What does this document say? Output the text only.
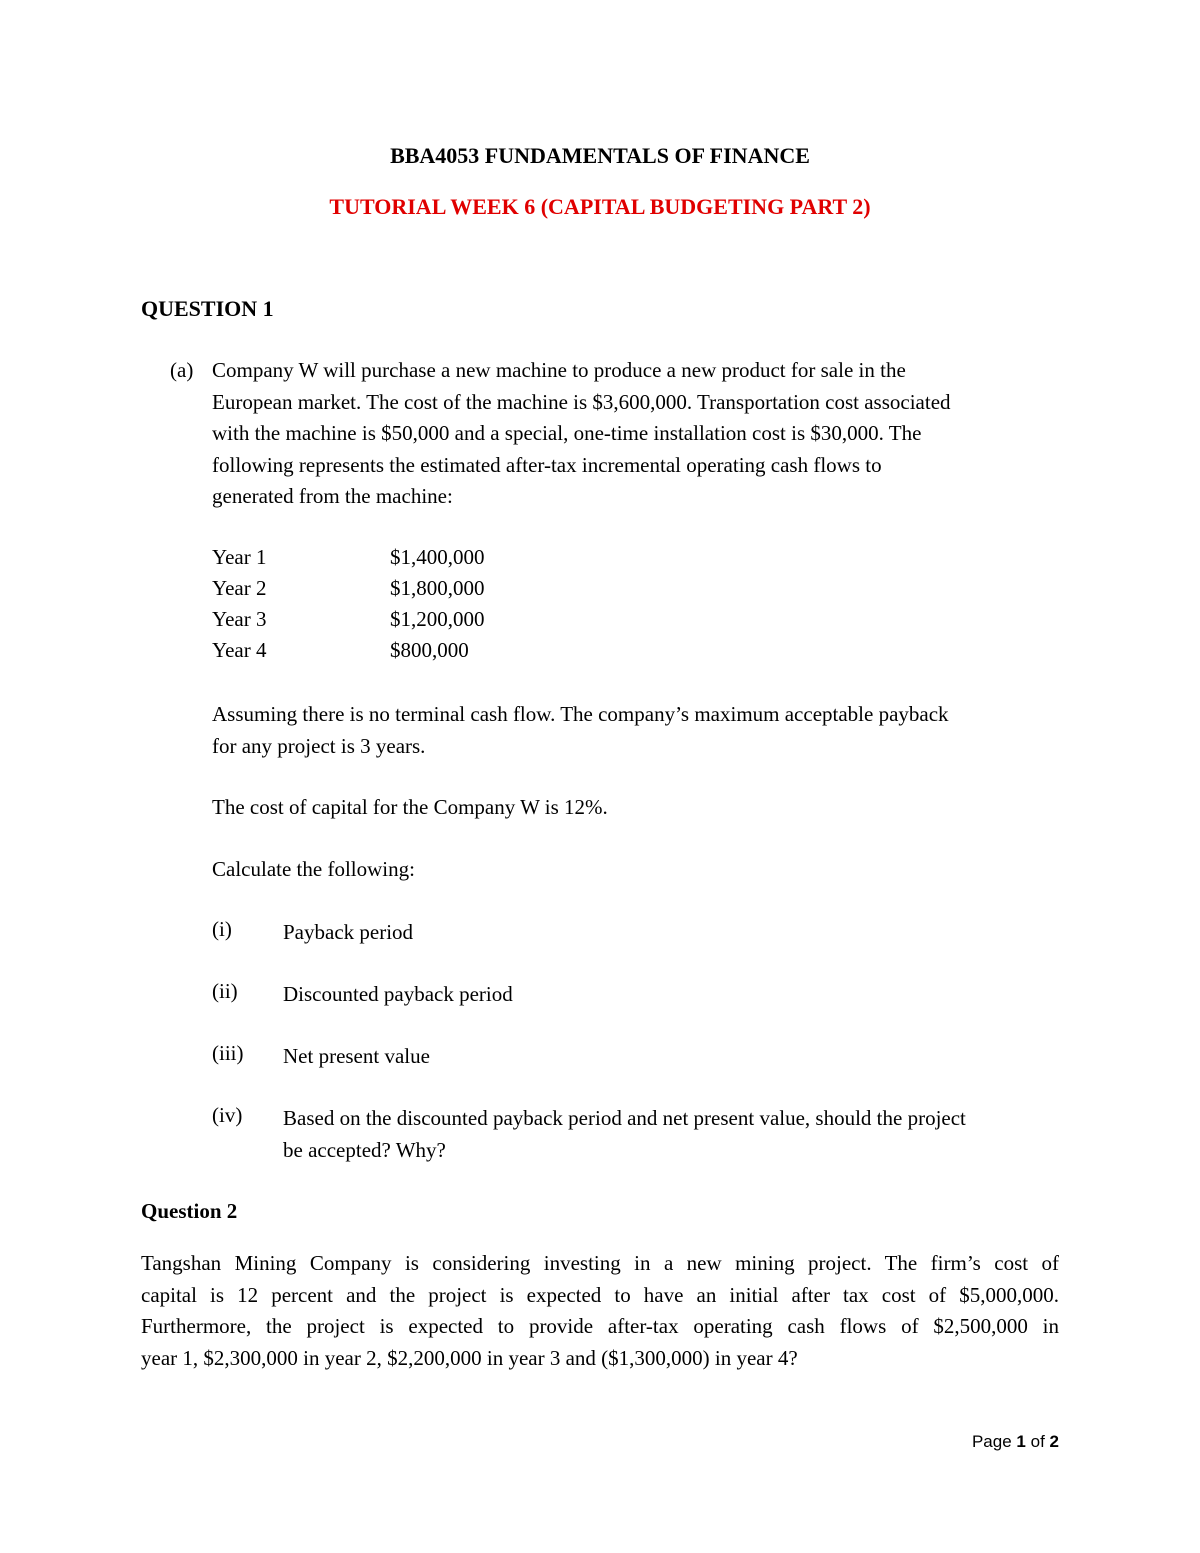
BBA4053 FUNDAMENTALS OF FINANCE
TUTORIAL WEEK 6 (CAPITAL BUDGETING PART 2)
QUESTION 1
(a) Company W will purchase a new machine to produce a new product for sale in the
European market. The cost of the machine is $3,600,000. Transportation cost associated
with the machine is $50,000 and a special, one-time installation cost is $30,000. The
following represents the estimated after-tax incremental operating cash flows to
generated from the machine:
Year 1	$1,400,000
Year 2	$1,800,000
Year 3	$1,200,000
Year 4	$800,000
Assuming there is no terminal cash flow. The company’s maximum acceptable payback
for any project is 3 years.
The cost of capital for the Company W is 12%.
Calculate the following:
(i) Payback period
(ii) Discounted payback period
(iii) Net present value
(iv) Based on the discounted payback period and net present value, should the project
be accepted? Why?
Question 2
Tangshan Mining Company is considering investing in a new mining project. The firm’s cost of
capital is 12 percent and the project is expected to have an initial after tax cost of $5,000,000.
Furthermore, the project is expected to provide after-tax operating cash flows of $2,500,000 in
year 1, $2,300,000 in year 2, $2,200,000 in year 3 and ($1,300,000) in year 4?
Page 1 of 2
